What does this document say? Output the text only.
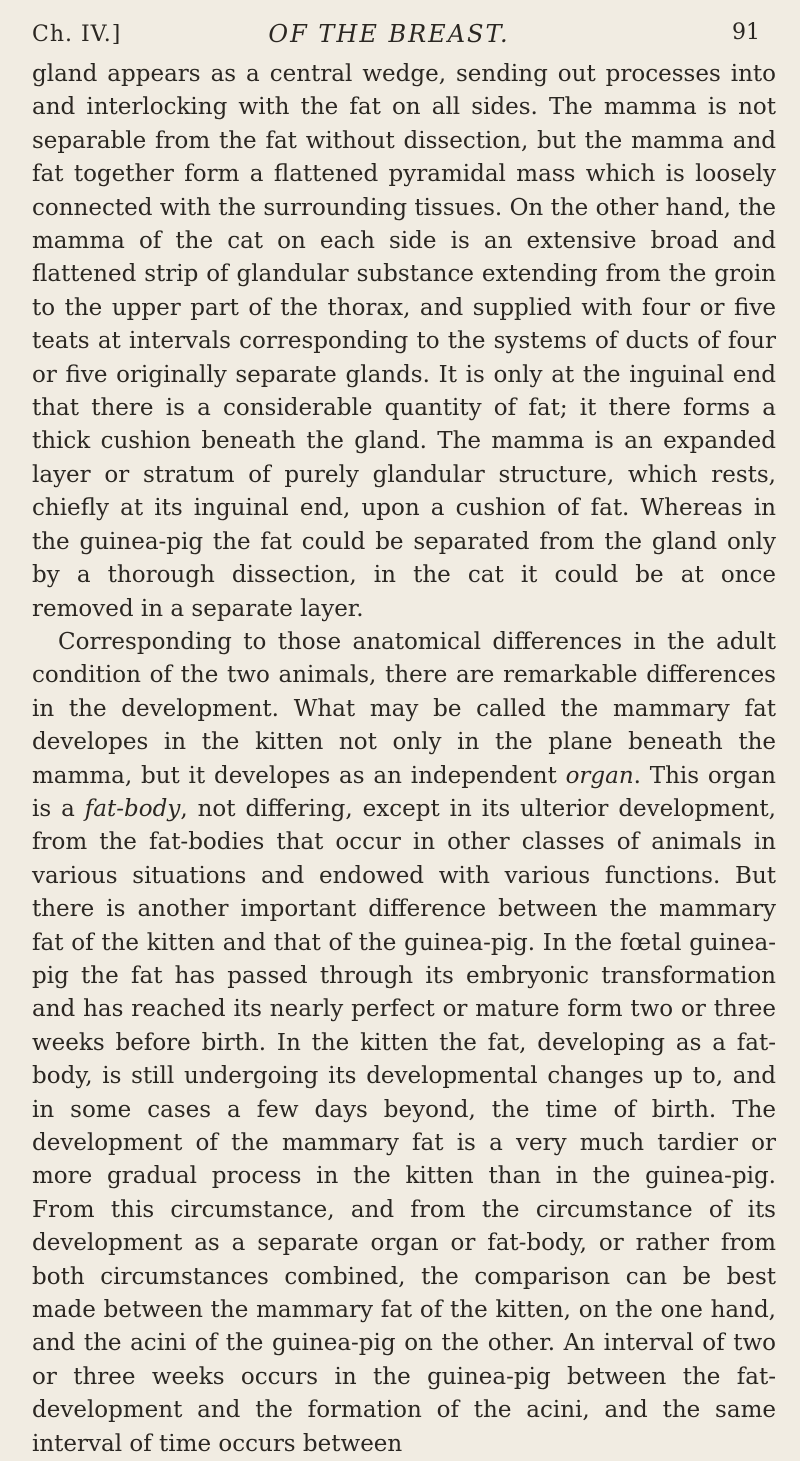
Ch. IV.]	OF THE BREAST.	91

gland appears as a central wedge, sending out processes into and interlocking with the fat on all sides. The mamma is not separable from the fat without dissection, but the mamma and fat together form a flattened pyramidal mass which is loosely connected with the surrounding tissues. On the other hand, the mamma of the cat on each side is an extensive broad and flattened strip of glandular substance extending from the groin to the upper part of the thorax, and supplied with four or five teats at intervals corresponding to the systems of ducts of four or five originally separate glands. It is only at the inguinal end that there is a considerable quantity of fat; it there forms a thick cushion beneath the gland. The mamma is an expanded layer or stratum of purely glandular structure, which rests, chiefly at its inguinal end, upon a cushion of fat. Whereas in the guinea-pig the fat could be separated from the gland only by a thorough dissection, in the cat it could be at once removed in a separate layer.

Corresponding to those anatomical differences in the adult condition of the two animals, there are remarkable differences in the development. What may be called the mammary fat developes in the kitten not only in the plane beneath the mamma, but it developes as an independent organ. This organ is a fat-body, not differing, except in its ulterior development, from the fat-bodies that occur in other classes of animals in various situations and endowed with various functions. But there is another important difference between the mammary fat of the kitten and that of the guinea-pig. In the fœtal guinea-pig the fat has passed through its embryonic transformation and has reached its nearly perfect or mature form two or three weeks before birth. In the kitten the fat, developing as a fat-body, is still undergoing its developmental changes up to, and in some cases a few days beyond, the time of birth. The development of the mammary fat is a very much tardier or more gradual process in the kitten than in the guinea-pig. From this circumstance, and from the circumstance of its development as a separate organ or fat-body, or rather from both circumstances combined, the comparison can be best made between the mammary fat of the kitten, on the one hand, and the acini of the guinea-pig on the other. An interval of two or three weeks occurs in the guinea-pig between the fat-development and the formation of the acini, and the same interval of time occurs between
